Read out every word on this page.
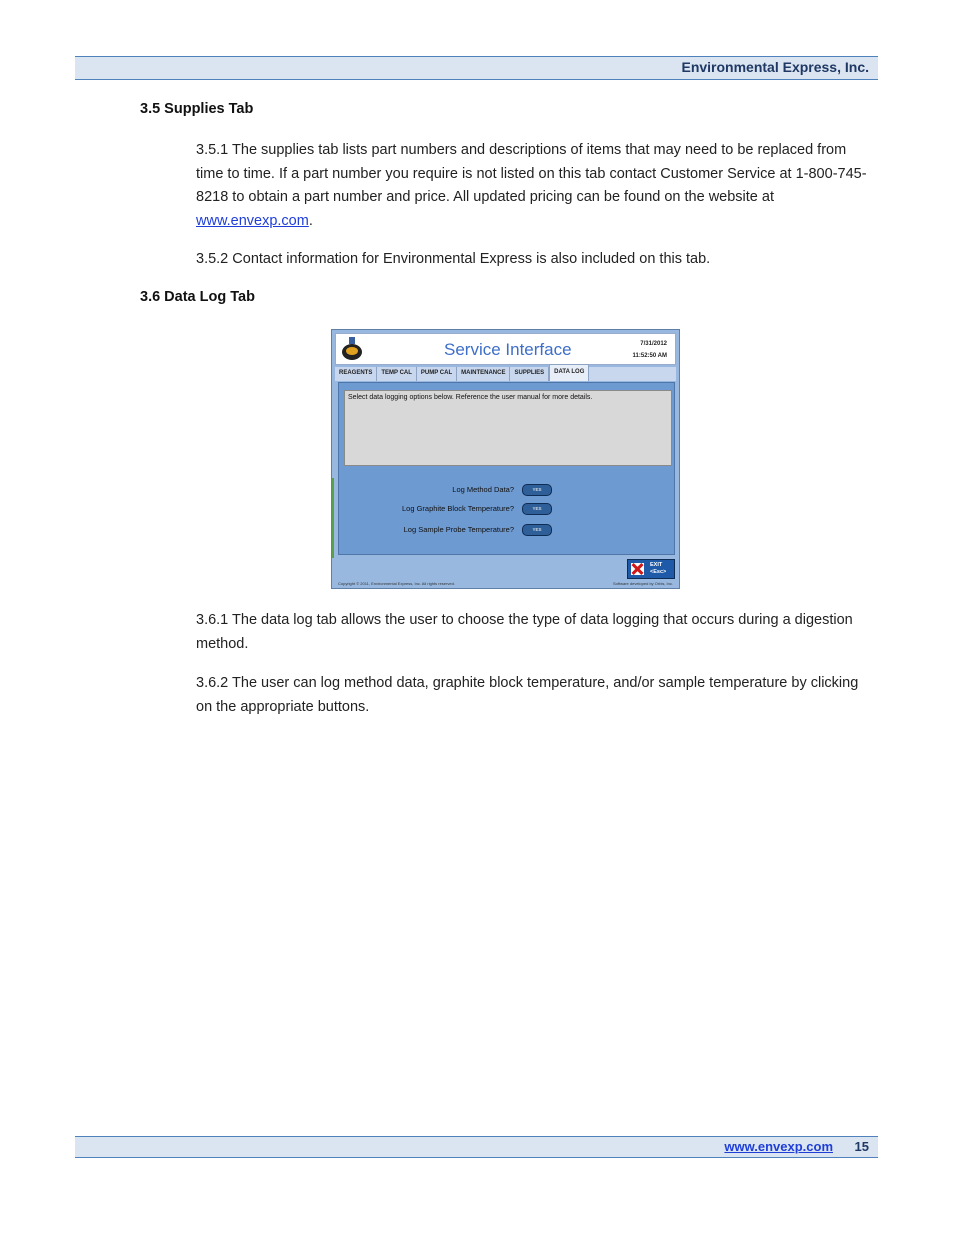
Environmental Express, Inc.
3.5 Supplies Tab
3.5.1 The supplies tab lists part numbers and descriptions of items that may need to be replaced from time to time. If a part number you require is not listed on this tab contact Customer Service at 1-800-745-8218 to obtain a part number and price. All updated pricing can be found on the website at www.envexp.com.
3.5.2 Contact information for Environmental Express is also included on this tab.
3.6 Data Log Tab
Service Interface	7/31/2012
11:52:50 AM
REAGENTS	TEMP CAL	PUMP CAL	MAINTENANCE	SUPPLIES	DATA LOG
Select data logging options below. Reference the user manual for more details.
Log Method Data?	YES
Log Graphite Block Temperature?	YES
Log Sample Probe Temperature?	YES
EXIT
<Esc>
Copyright © 2011, Environmental Express, Inc. All rights reserved.	Software developed by Orbis, Inc.
3.6.1 The data log tab allows the user to choose the type of data logging that occurs during a digestion method.
3.6.2 The user can log method data, graphite block temperature, and/or sample temperature by clicking on the appropriate buttons.
www.envexp.com 15
